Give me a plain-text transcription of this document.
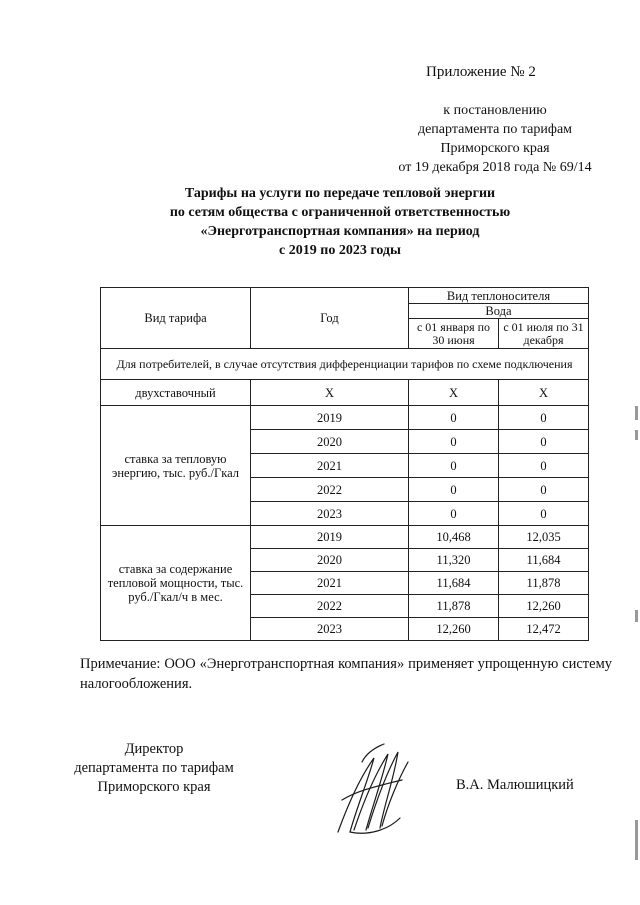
Приложение № 2
к постановлению
департамента по тарифам
Приморского края
от 19 декабря 2018 года № 69/14
Тарифы на услуги по передаче тепловой энергии
по сетям общества с ограниченной ответственностью
«Энерготранспортная компания» на период
с 2019 по 2023 годы
Вид тарифа	Год	Вид теплоносителя	
		Вода	
		с 01 января по 30 июня	с 01 июля по 31 декабря
Для потребителей, в случае отсутствия дифференциации тарифов по схеме подключения			
двухставочный	Х	Х	Х
ставка за тепловую энергию, тыс. руб./Гкал	2019	0	0
	2020	0	0
	2021	0	0
	2022	0	0
	2023	0	0
ставка за содержание тепловой мощности, тыс. руб./Гкал/ч в мес.	2019	10,468	12,035
	2020	11,320	11,684
	2021	11,684	11,878
	2022	11,878	12,260
	2023	12,260	12,472
Примечание: ООО «Энерготранспортная компания» применяет упрощенную систему налогообложения.
Директор
департамента по тарифам
Приморского края	В.А. Малюшицкий
